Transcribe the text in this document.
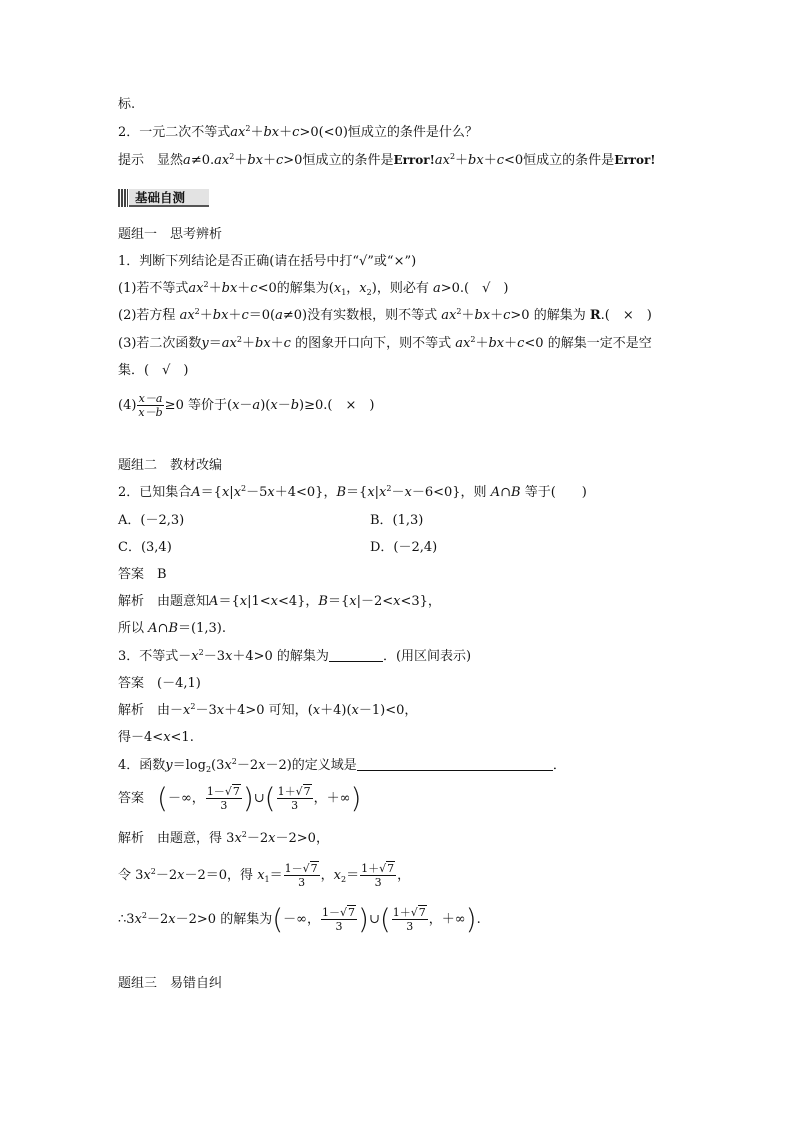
标.
2．一元二次不等式$ax^2+bx+c>0(<0)$恒成立的条件是什么？
提示　 显然$a\ne 0.ax^2+bx+c>0$恒成立的条件是$Error!ax^2+bx+c<0$恒成立的条件是Error!
基础自测
题组一　思考辨析
1．判断下列结论是否正确(请在括号中打“√”或“×”)
(1)若不等式$ax^2+bx+c<0$的解集为($x_1$，$x_2$)，则必有 a>0.(　√　)
(2)若方程 $ax^2+bx+c=0(a\ne 0)$没有实数根，则不等式 $ax^2+bx+c>0$ 的解集为 R.(　×　)
(3)若二次函数$y=ax^2+bx+c$ 的图象开口向下，则不等式 $ax^2+bx+c<0$ 的解集一定不是空
集．(　√　)
$(4) \frac{x-a}{x-b} \ge 0$ 等价于(x－a)(x－b)≥0.(　×　)
题组二　教材改编
2．已知集合$A=\{x|x^2-5x+4<0\}$，$B=\{x|x^2-x-6<0\}$，则 A∩B 等于(　　)
A．(－2,3)	B．(1,3)
C．(3,4)	D．(－2,4)
答案　 B
解析　 由题意知A＝{x|1<x<4}，B＝{x|－2<x<3}，
所以 A∩B＝(1,3).
3．不等式$-x^2-3x+4>0$ 的解集为	．(用区间表示)
答案　 (－4,1)
解析　由$-x^2-3x+4>0$ 可知，(x＋4)(x－1)<0，
得－4<x<1.
4．函数$y=\log_2(3x^2-2x-2)$的定义域是	．
答案　 (－∞， $\frac{1-√7}{3}$ )∪( $\frac{1+√7}{3}$ ，＋∞)
解析　 由题意，得 $3x^2-2x-2>0$，
令 $3x^2-2x-2=0$，得 $x_1= \frac{1-√7}{3}$ ，$x_2= \frac{1+√7}{3}$ ，
$\therefore 3x^2-2x-2>0$ 的解集为(－∞， $\frac{1-√7}{3}$ )∪( $\frac{1+√7}{3}$ ，＋∞).
题组三　易错自纠
